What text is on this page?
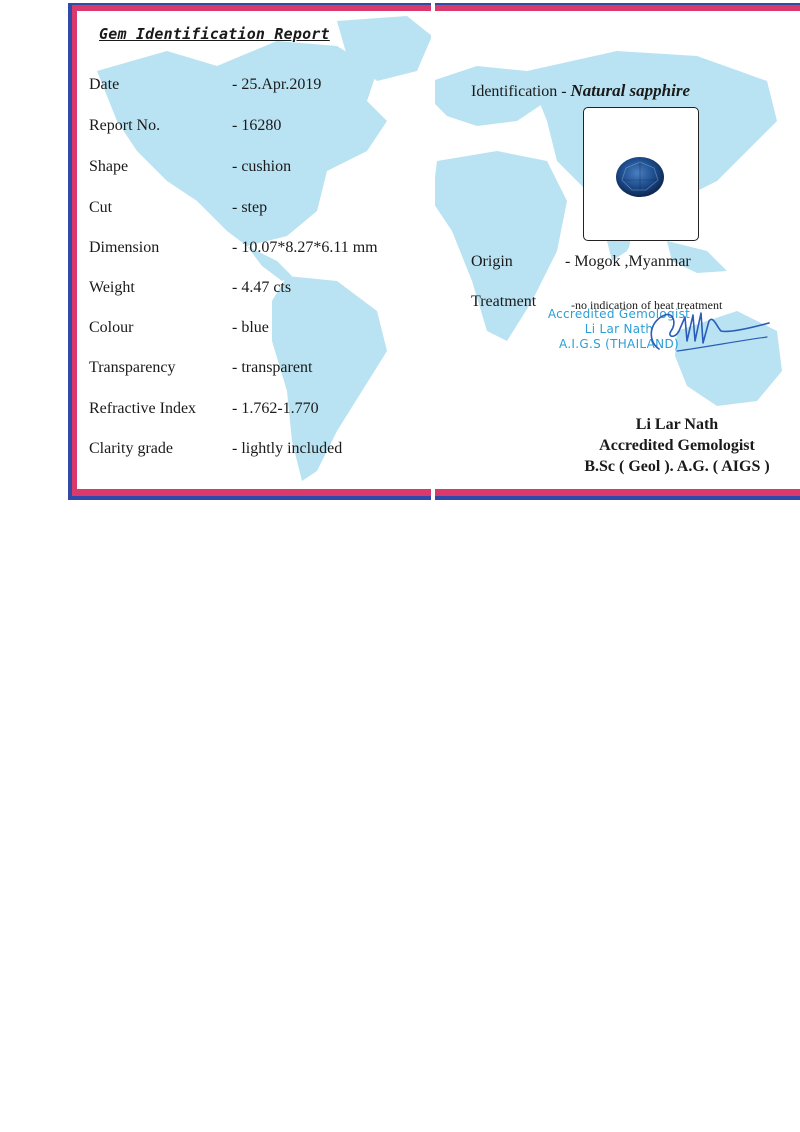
Gem Identification Report
Date	- 25.Apr.2019
Report No.	- 16280
Shape	- cushion
Cut	- step
Dimension	- 10.07*8.27*6.11 mm
Weight	- 4.47 cts
Colour	- blue
Transparency	- transparent
Refractive Index - 1.762-1.770
Clarity grade	- lightly included
Identification - Natural sapphire
Origin	- Mogok ,Myanmar
Treatment	-no indication of heat treatment
Accredited Gemologist
Li Lar Nath
A.I.G.S (THAILAND)
Li Lar Nath
Accredited Gemologist
B.Sc ( Geol ). A.G. ( AIGS )
